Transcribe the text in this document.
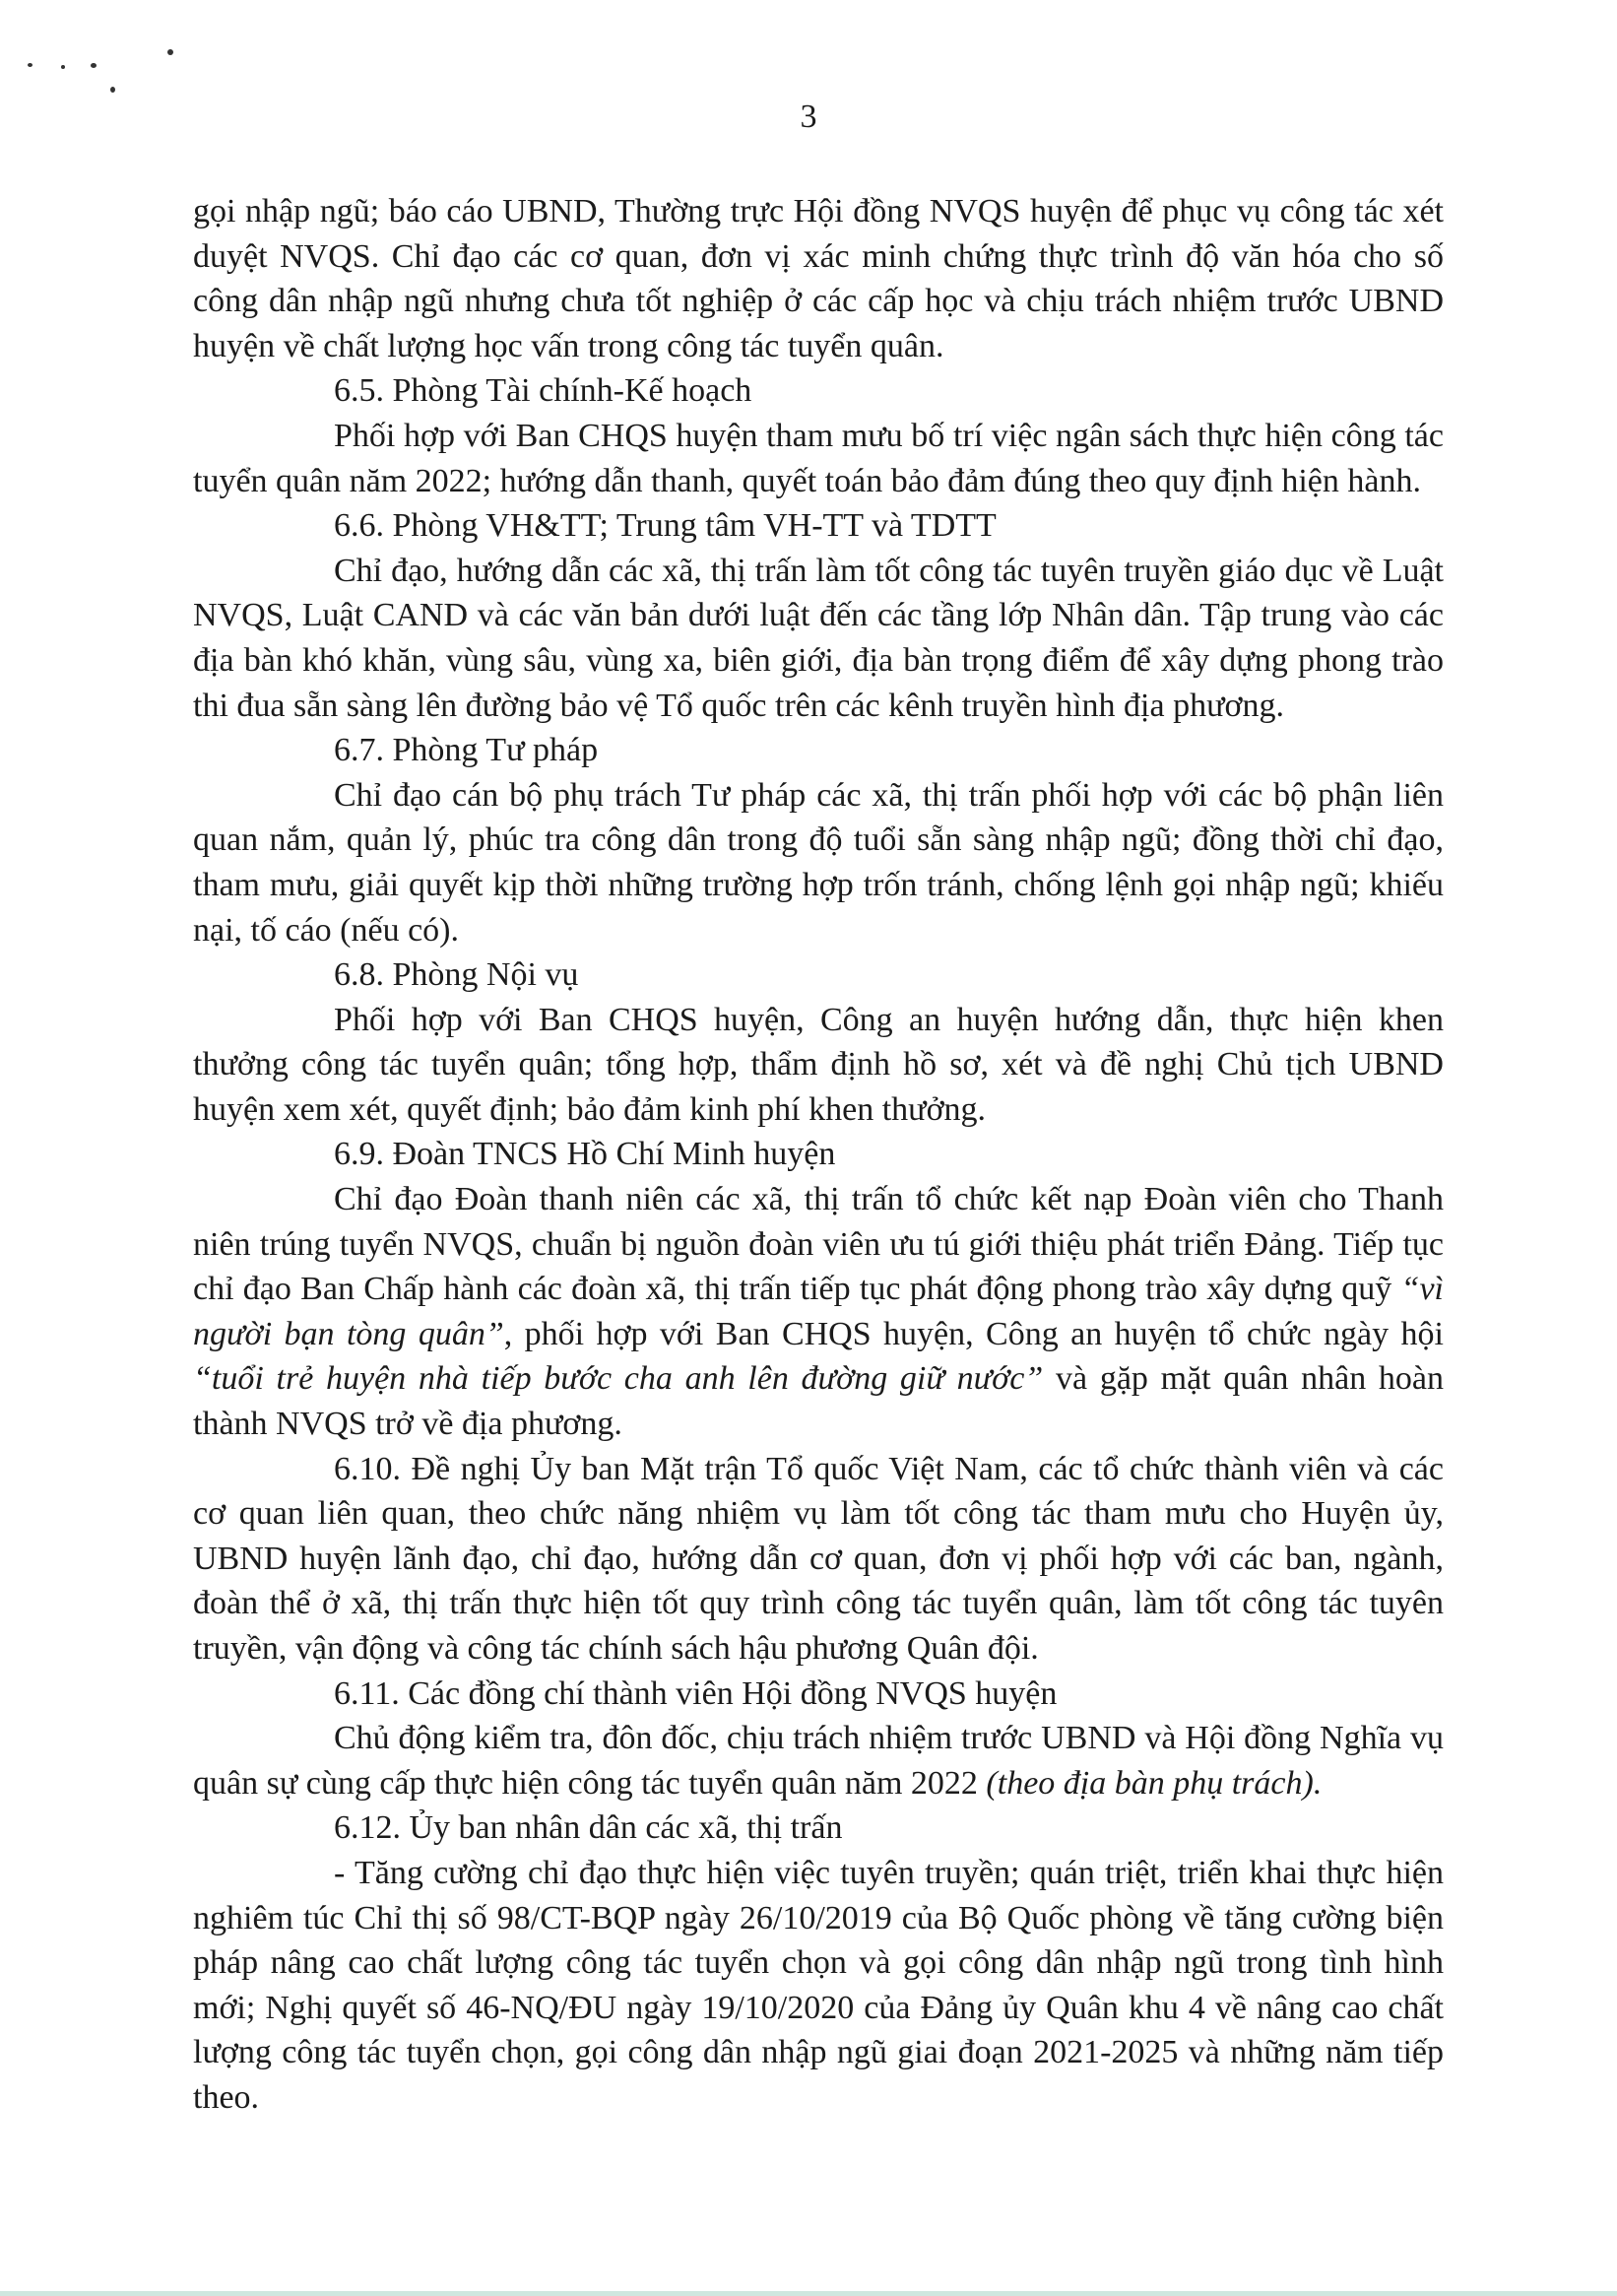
3

gọi nhập ngũ; báo cáo UBND, Thường trực Hội đồng NVQS huyện để phục vụ công tác xét duyệt NVQS. Chỉ đạo các cơ quan, đơn vị xác minh chứng thực trình độ văn hóa cho số công dân nhập ngũ nhưng chưa tốt nghiệp ở các cấp học và chịu trách nhiệm trước UBND huyện về chất lượng học vấn trong công tác tuyển quân.

6.5. Phòng Tài chính-Kế hoạch

Phối hợp với Ban CHQS huyện tham mưu bố trí việc ngân sách thực hiện công tác tuyển quân năm 2022; hướng dẫn thanh, quyết toán bảo đảm đúng theo quy định hiện hành.

6.6. Phòng VH&TT; Trung tâm VH-TT và TDTT

Chỉ đạo, hướng dẫn các xã, thị trấn làm tốt công tác tuyên truyền giáo dục về Luật NVQS, Luật CAND và các văn bản dưới luật đến các tầng lớp Nhân dân. Tập trung vào các địa bàn khó khăn, vùng sâu, vùng xa, biên giới, địa bàn trọng điểm để xây dựng phong trào thi đua sẵn sàng lên đường bảo vệ Tổ quốc trên các kênh truyền hình địa phương.

6.7. Phòng Tư pháp

Chỉ đạo cán bộ phụ trách Tư pháp các xã, thị trấn phối hợp với các bộ phận liên quan nắm, quản lý, phúc tra công dân trong độ tuổi sẵn sàng nhập ngũ; đồng thời chỉ đạo, tham mưu, giải quyết kịp thời những trường hợp trốn tránh, chống lệnh gọi nhập ngũ; khiếu nại, tố cáo (nếu có).

6.8. Phòng Nội vụ

Phối hợp với Ban CHQS huyện, Công an huyện hướng dẫn, thực hiện khen thưởng công tác tuyển quân; tổng hợp, thẩm định hồ sơ, xét và đề nghị Chủ tịch UBND huyện xem xét, quyết định; bảo đảm kinh phí khen thưởng.

6.9. Đoàn TNCS Hồ Chí Minh huyện

Chỉ đạo Đoàn thanh niên các xã, thị trấn tổ chức kết nạp Đoàn viên cho Thanh niên trúng tuyển NVQS, chuẩn bị nguồn đoàn viên ưu tú giới thiệu phát triển Đảng. Tiếp tục chỉ đạo Ban Chấp hành các đoàn xã, thị trấn tiếp tục phát động phong trào xây dựng quỹ “vì người bạn tòng quân”, phối hợp với Ban CHQS huyện, Công an huyện tổ chức ngày hội “tuổi trẻ huyện nhà tiếp bước cha anh lên đường giữ nước” và gặp mặt quân nhân hoàn thành NVQS trở về địa phương.

6.10. Đề nghị Ủy ban Mặt trận Tổ quốc Việt Nam, các tổ chức thành viên và các cơ quan liên quan, theo chức năng nhiệm vụ làm tốt công tác tham mưu cho Huyện ủy, UBND huyện lãnh đạo, chỉ đạo, hướng dẫn cơ quan, đơn vị phối hợp với các ban, ngành, đoàn thể ở xã, thị trấn thực hiện tốt quy trình công tác tuyển quân, làm tốt công tác tuyên truyền, vận động và công tác chính sách hậu phương Quân đội.

6.11. Các đồng chí thành viên Hội đồng NVQS huyện

Chủ động kiểm tra, đôn đốc, chịu trách nhiệm trước UBND và Hội đồng Nghĩa vụ quân sự cùng cấp thực hiện công tác tuyển quân năm 2022 (theo địa bàn phụ trách).

6.12. Ủy ban nhân dân các xã, thị trấn

- Tăng cường chỉ đạo thực hiện việc tuyên truyền; quán triệt, triển khai thực hiện nghiêm túc Chỉ thị số 98/CT-BQP ngày 26/10/2019 của Bộ Quốc phòng về tăng cường biện pháp nâng cao chất lượng công tác tuyển chọn và gọi công dân nhập ngũ trong tình hình mới; Nghị quyết số 46-NQ/ĐU ngày 19/10/2020 của Đảng ủy Quân khu 4 về nâng cao chất lượng công tác tuyển chọn, gọi công dân nhập ngũ giai đoạn 2021-2025 và những năm tiếp theo.
